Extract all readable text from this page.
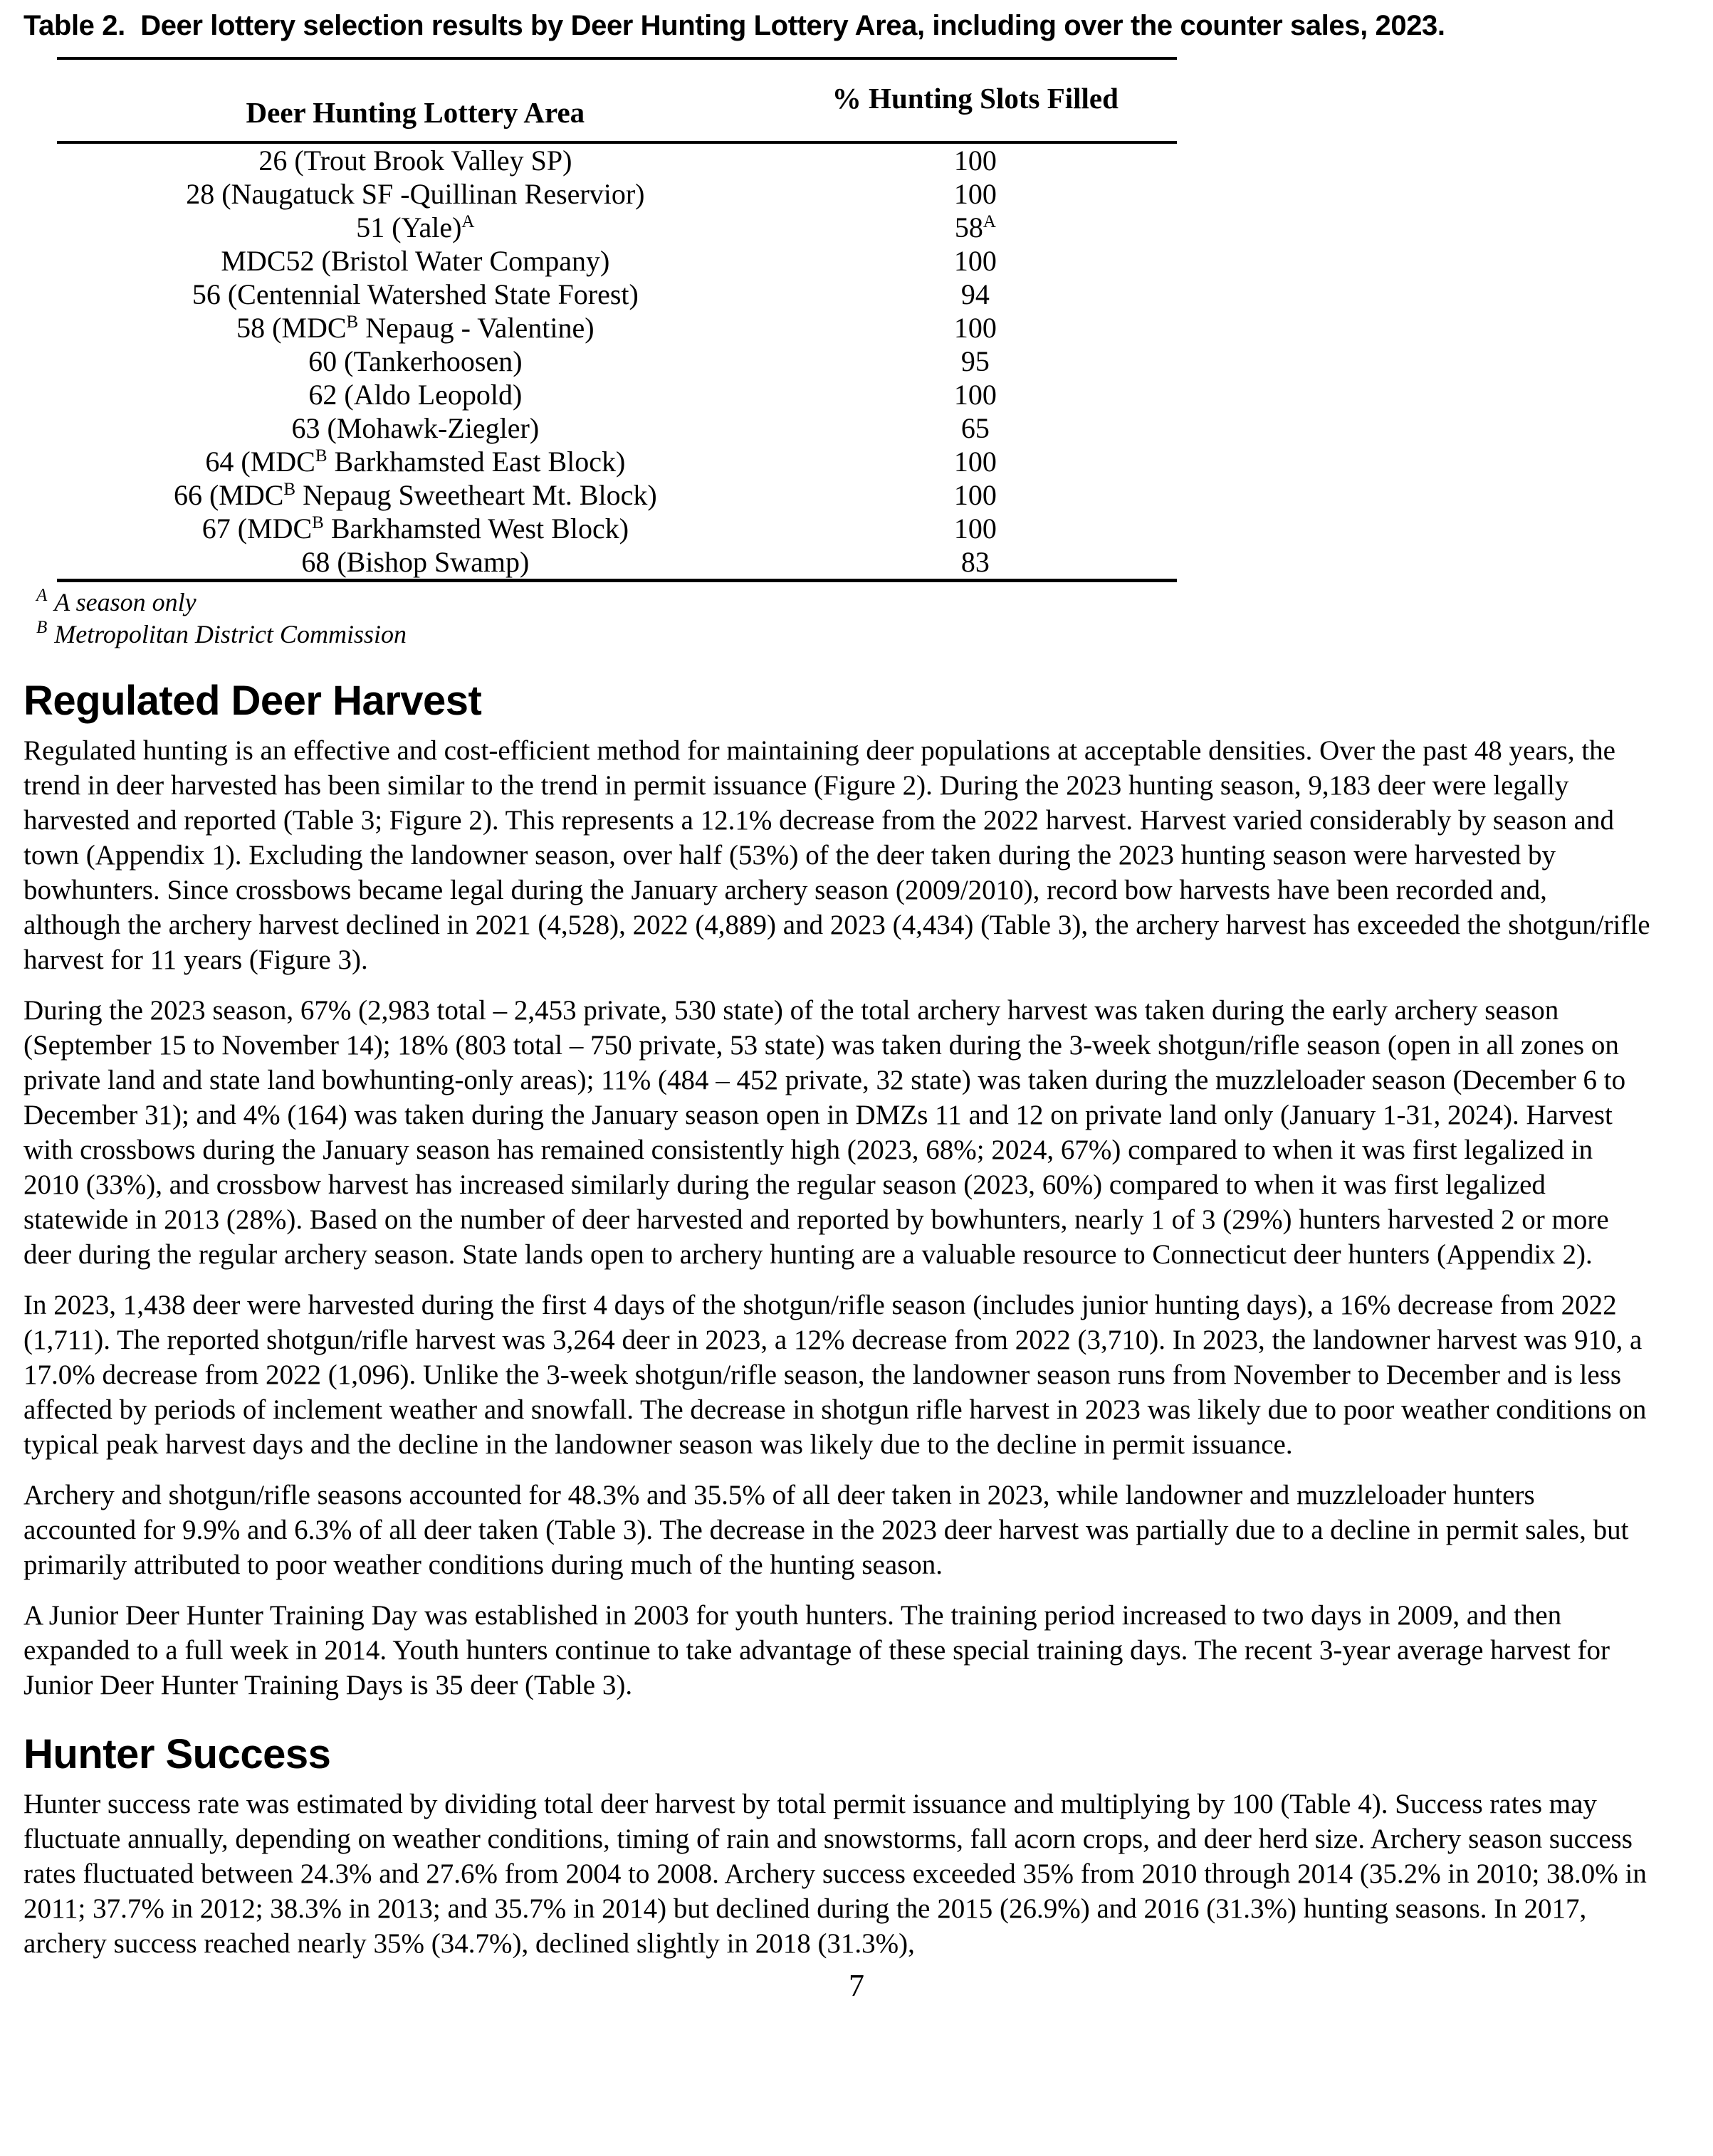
Table 2.  Deer lottery selection results by Deer Hunting Lottery Area, including over the counter sales, 2023.
Deer Hunting Lottery Area	% Hunting Slots Filled
26 (Trout Brook Valley SP)	100
28 (Naugatuck SF -Quillinan Reservior)	100
51 (Yale)$^A$	58$^A$
MDC52 (Bristol Water Company)	100
56 (Centennial Watershed State Forest)	94
58 (MDC$^B$ Nepaug - Valentine)	100
60 (Tankerhoosen)	95
62 (Aldo Leopold)	100
63 (Mohawk-Ziegler)	65
64 (MDC$^B$ Barkhamsted East Block)	100
66 (MDC$^B$ Nepaug Sweetheart Mt. Block)	100
67 (MDC$^B$ Barkhamsted West Block)	100
68 (Bishop Swamp)	83
$^A$ A season only
$^B$ Metropolitan District Commission
Regulated Deer Harvest

Regulated hunting is an effective and cost-efficient method for maintaining deer populations at acceptable densities. Over the past 48 years, the trend in deer harvested has been similar to the trend in permit issuance (Figure 2). During the 2023 hunting season, 9,183 deer were legally harvested and reported (Table 3; Figure 2). This represents a 12.1% decrease from the 2022 harvest. Harvest varied considerably by season and town (Appendix 1). Excluding the landowner season, over half (53%) of the deer taken during the 2023 hunting season were harvested by bowhunters. Since crossbows became legal during the January archery season (2009/2010), record bow harvests have been recorded and, although the archery harvest declined in 2021 (4,528), 2022 (4,889) and 2023 (4,434) (Table 3), the archery harvest has exceeded the shotgun/rifle harvest for 11 years (Figure 3).

During the 2023 season, 67% (2,983 total – 2,453 private, 530 state) of the total archery harvest was taken during the early archery season (September 15 to November 14); 18% (803 total – 750 private, 53 state) was taken during the 3-week shotgun/rifle season (open in all zones on private land and state land bowhunting-only areas); 11% (484 – 452 private, 32 state) was taken during the muzzleloader season (December 6 to December 31); and 4% (164) was taken during the January season open in DMZs 11 and 12 on private land only (January 1-31, 2024). Harvest with crossbows during the January season has remained consistently high (2023, 68%; 2024, 67%) compared to when it was first legalized in 2010 (33%), and crossbow harvest has increased similarly during the regular season (2023, 60%) compared to when it was first legalized statewide in 2013 (28%). Based on the number of deer harvested and reported by bowhunters, nearly 1 of 3 (29%) hunters harvested 2 or more deer during the regular archery season. State lands open to archery hunting are a valuable resource to Connecticut deer hunters (Appendix 2).

In 2023, 1,438 deer were harvested during the first 4 days of the shotgun/rifle season (includes junior hunting days), a 16% decrease from 2022 (1,711). The reported shotgun/rifle harvest was 3,264 deer in 2023, a 12% decrease from 2022 (3,710). In 2023, the landowner harvest was 910, a 17.0% decrease from 2022 (1,096). Unlike the 3-week shotgun/rifle season, the landowner season runs from November to December and is less affected by periods of inclement weather and snowfall. The decrease in shotgun rifle harvest in 2023 was likely due to poor weather conditions on typical peak harvest days and the decline in the landowner season was likely due to the decline in permit issuance.

Archery and shotgun/rifle seasons accounted for 48.3% and 35.5% of all deer taken in 2023, while landowner and muzzleloader hunters accounted for 9.9% and 6.3% of all deer taken (Table 3). The decrease in the 2023 deer harvest was partially due to a decline in permit sales, but primarily attributed to poor weather conditions during much of the hunting season.

A Junior Deer Hunter Training Day was established in 2003 for youth hunters. The training period increased to two days in 2009, and then expanded to a full week in 2014. Youth hunters continue to take advantage of these special training days. The recent 3-year average harvest for Junior Deer Hunter Training Days is 35 deer (Table 3).

Hunter Success

Hunter success rate was estimated by dividing total deer harvest by total permit issuance and multiplying by 100 (Table 4). Success rates may fluctuate annually, depending on weather conditions, timing of rain and snowstorms, fall acorn crops, and deer herd size. Archery season success rates fluctuated between 24.3% and 27.6% from 2004 to 2008. Archery success exceeded 35% from 2010 through 2014 (35.2% in 2010; 38.0% in 2011; 37.7% in 2012; 38.3% in 2013; and 35.7% in 2014) but declined during the 2015 (26.9%) and 2016 (31.3%) hunting seasons. In 2017, archery success reached nearly 35% (34.7%), declined slightly in 2018 (31.3%),

7
